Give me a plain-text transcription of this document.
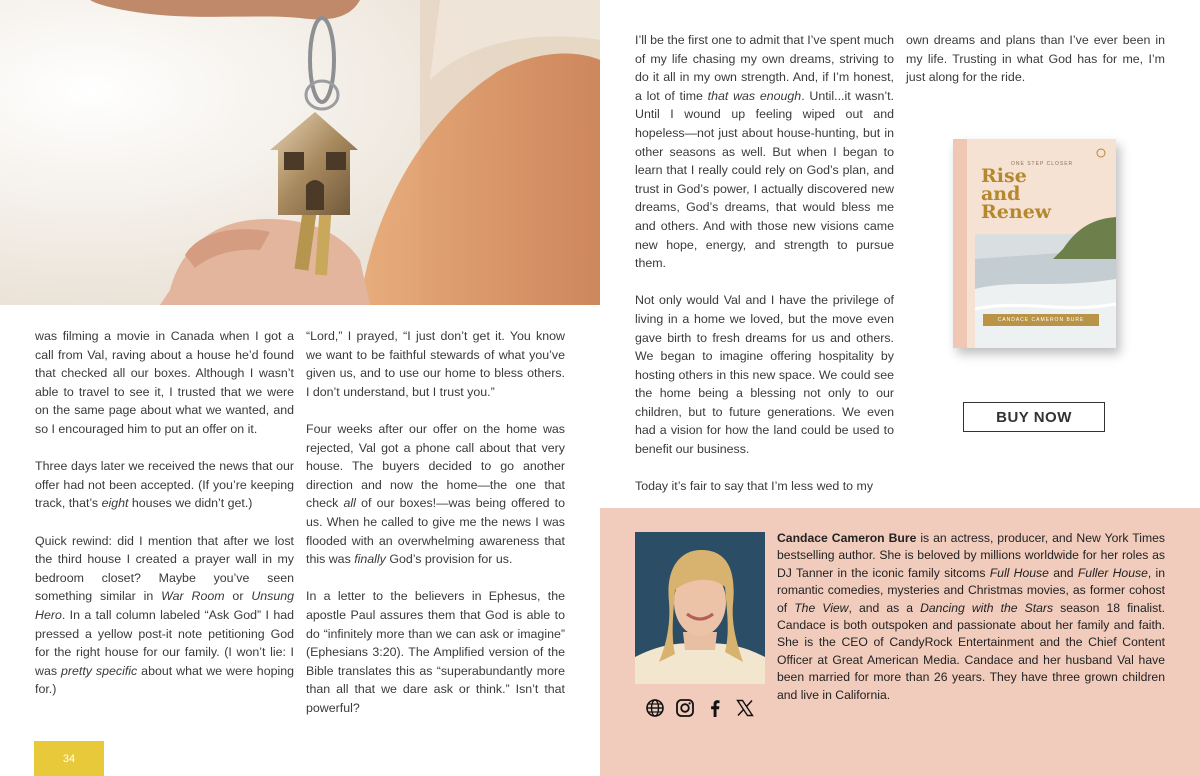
was filming a movie in Canada when I got a call from Val, raving about a house he’d found that checked all our boxes. Although I wasn’t able to travel to see it, I trusted that we were on the same page about what we wanted, and so I encouraged him to put an offer on it.

Three days later we received the news that our offer had not been accepted. (If you’re keeping track, that’s eight houses we didn’t get.)

Quick rewind: did I mention that after we lost the third house I created a prayer wall in my bedroom closet? Maybe you’ve seen something similar in War Room or Unsung Hero. In a tall column labeled “Ask God” I had pressed a yellow post-it note petitioning God for the right house for our family. (I won’t lie: I was pretty specific about what we were hoping for.)

“Lord,” I prayed, “I just don’t get it. You know we want to be faithful stewards of what you’ve given us, and to use our home to bless others. I don’t understand, but I trust you.”

Four weeks after our offer on the home was rejected, Val got a phone call about that very house. The buyers decided to go another direction and now the home—the one that check all of our boxes!—was being offered to us. When he called to give me the news I was flooded with an overwhelming awareness that this was finally God’s provision for us.

In a letter to the believers in Ephesus, the apostle Paul assures them that God is able to do “infinitely more than we can ask or imagine” (Ephesians 3:20). The Amplified version of the Bible translates this as “superabundantly more than all that we dare ask or think.” Isn’t that powerful?

I’ll be the first one to admit that I’ve spent much of my life chasing my own dreams, striving to do it all in my own strength. And, if I’m honest, a lot of time that was enough. Until...it wasn’t. Until I wound up feeling wiped out and hopeless—not just about house-hunting, but in other seasons as well. But when I began to learn that I really could rely on God’s plan, and trust in God’s power, I actually discovered new dreams, God’s dreams, that would bless me and others. And with those new visions came new hope, energy, and strength to pursue them.

Not only would Val and I have the privilege of living in a home we loved, but the move even gave birth to fresh dreams for us and others. We began to imagine offering hospitality by hosting others in this new space. We could see the home being a blessing not only to our children, but to future generations. We even had a vision for how the land could be used to benefit our business.

Today it’s fair to say that I’m less wed to my

own dreams and plans than I’ve ever been in my life. Trusting in what God has for me, I’m just along for the ride.

ONE STEP CLOSER
Rise
and
Renew
CANDACE CAMERON BURE
BUY NOW

Candace Cameron Bure is an actress, producer, and New York Times bestselling author. She is beloved by millions worldwide for her roles as DJ Tanner in the iconic family sitcoms Full House and Fuller House, in romantic comedies, mysteries and Christmas movies, as former cohost of The View, and as a Dancing with the Stars season 18 finalist. Candace is both outspoken and passionate about her family and faith. She is the CEO of CandyRock Entertainment and the Chief Content Officer at Great American Media. Candace and her husband Val have been married for more than 26 years. They have three grown children and live in California.

34
